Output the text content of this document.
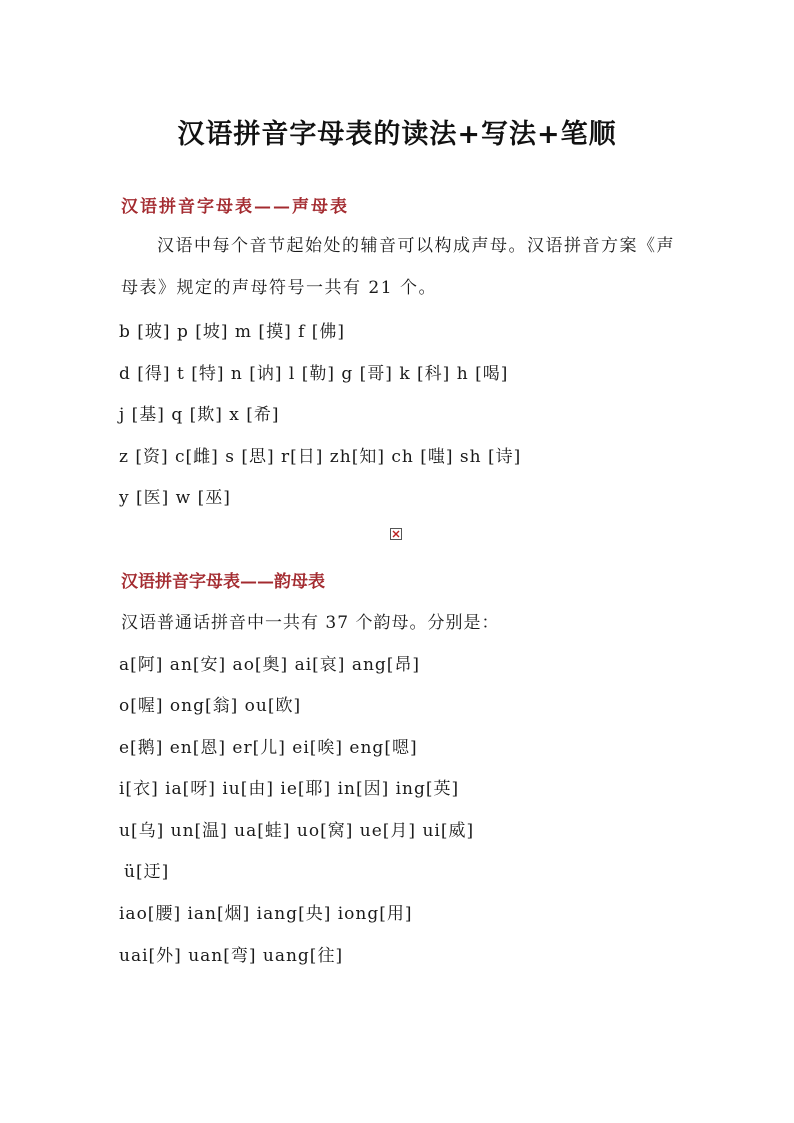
汉语拼音字母表的读法+写法+笔顺
汉语拼音字母表——声母表
汉语中每个音节起始处的辅音可以构成声母。汉语拼音方案《声母表》规定的声母符号一共有 21 个。
b [玻] p [坡] m [摸] f [佛]
d [得] t [特] n [讷] l [勒] g [哥] k [科] h [喝]
j [基] q [欺] x [希]
z [资] c[雌] s [思] r[日] zh[知] ch [嗤] sh [诗]
y [医] w [巫]
汉语拼音字母表——韵母表
汉语普通话拼音中一共有 37 个韵母。分别是：
a[阿] an[安] ao[奥] ai[哀] ang[昂]
o[喔] ong[翁] ou[欧]
e[鹅] en[恩] er[儿] ei[唉] eng[嗯]
i[衣] ia[呀] iu[由] ie[耶] in[因] ing[英]
u[乌] un[温] ua[蛙] uo[窝] ue[月] ui[威]
ü[迂]
iao[腰] ian[烟] iang[央] iong[用]
uai[外] uan[弯] uang[往]
